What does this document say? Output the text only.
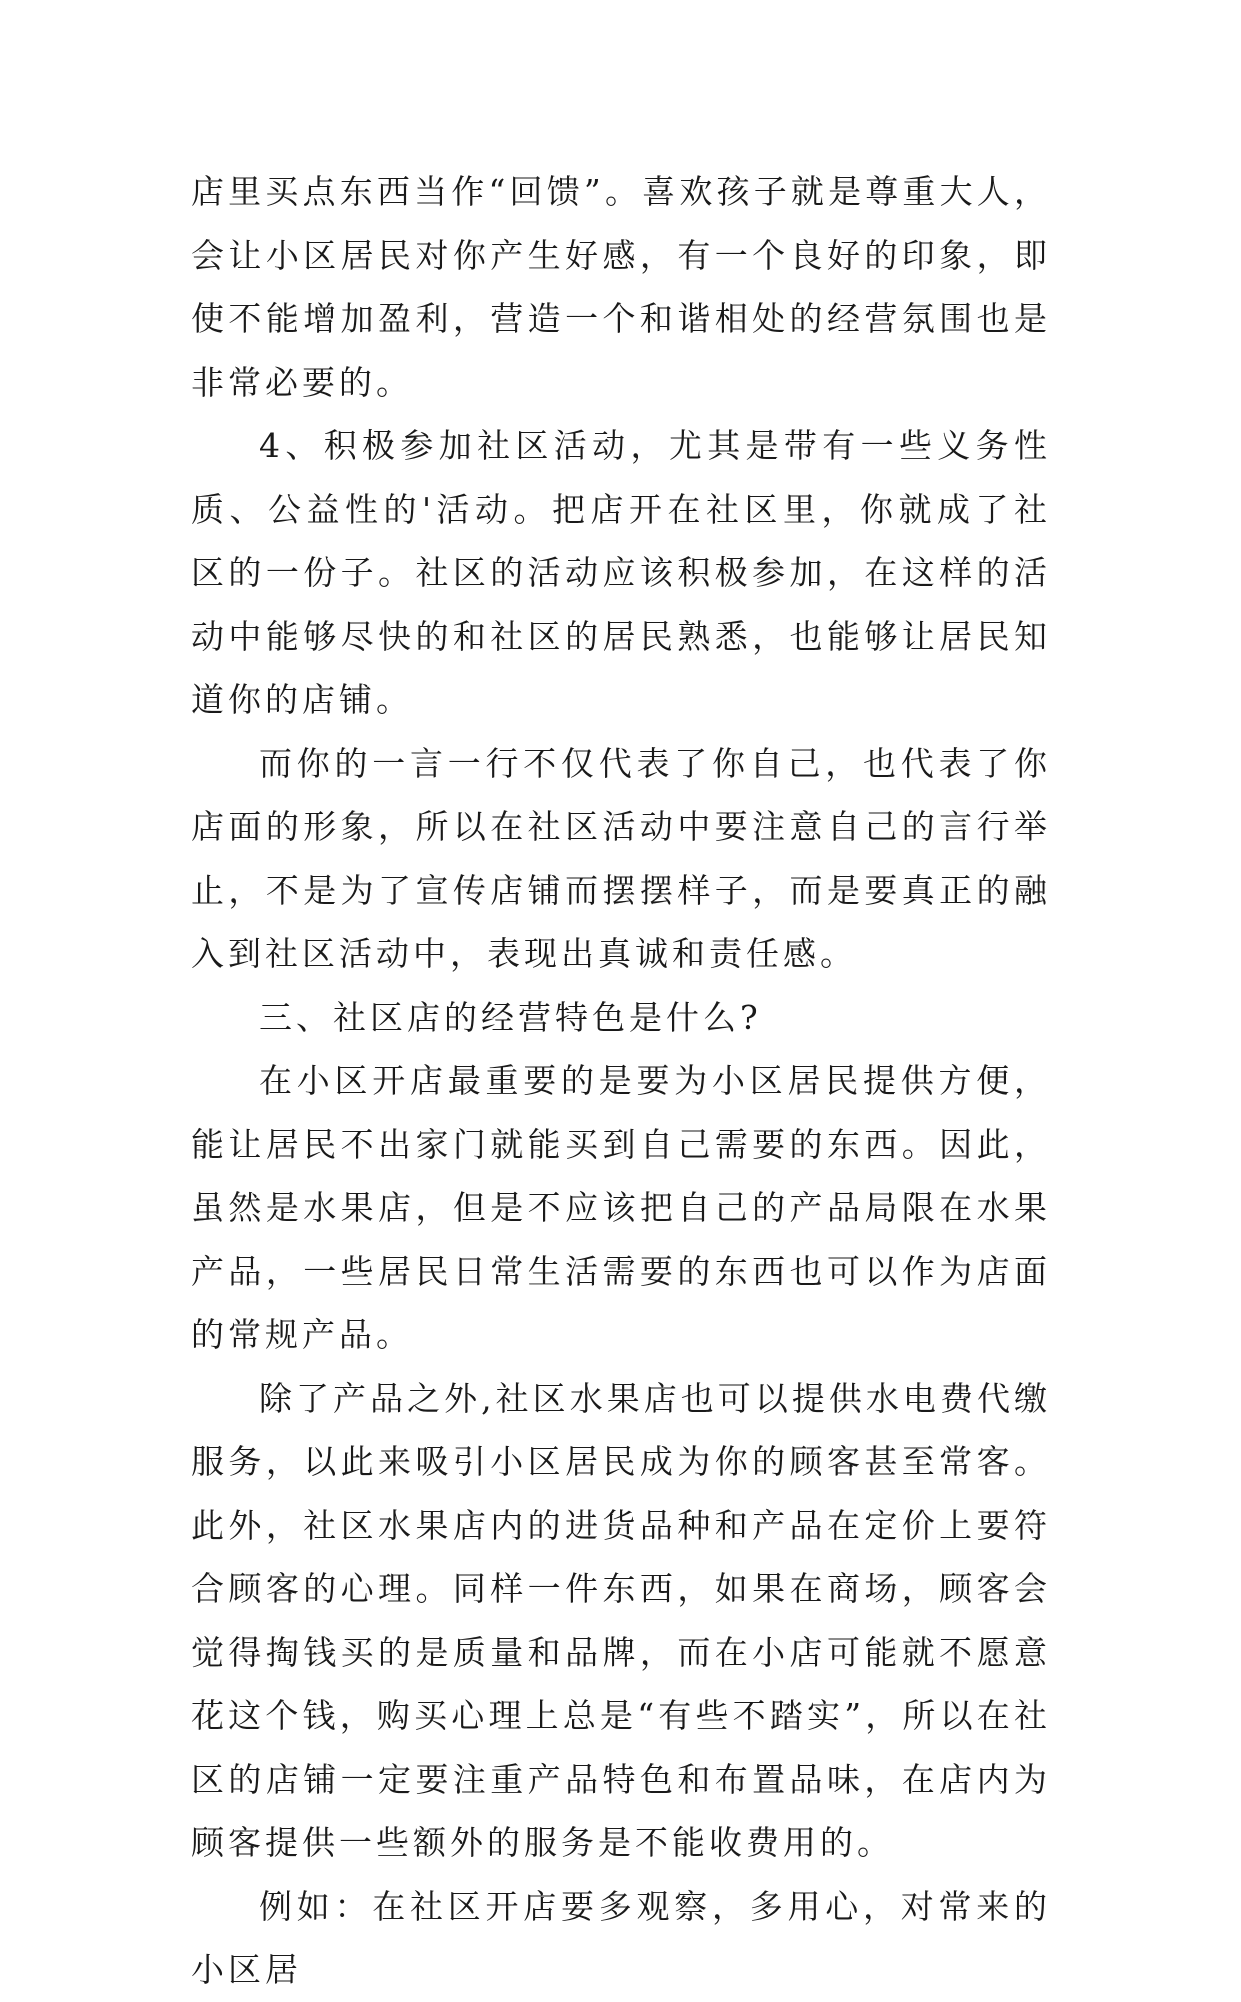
店里买点东西当作“回馈”。喜欢孩子就是尊重大人，会让小区居民对你产生好感，有一个良好的印象，即使不能增加盈利，营造一个和谐相处的经营氛围也是非常必要的。

4、积极参加社区活动，尤其是带有一些义务性质、公益性的'活动。把店开在社区里，你就成了社区的一份子。社区的活动应该积极参加，在这样的活动中能够尽快的和社区的居民熟悉，也能够让居民知道你的店铺。

而你的一言一行不仅代表了你自己，也代表了你店面的形象，所以在社区活动中要注意自己的言行举止，不是为了宣传店铺而摆摆样子，而是要真正的融入到社区活动中，表现出真诚和责任感。

三、社区店的经营特色是什么?

在小区开店最重要的是要为小区居民提供方便，能让居民不出家门就能买到自己需要的东西。因此，虽然是水果店，但是不应该把自己的产品局限在水果产品，一些居民日常生活需要的东西也可以作为店面的常规产品。

除了产品之外,社区水果店也可以提供水电费代缴服务，以此来吸引小区居民成为你的顾客甚至常客。此外，社区水果店内的进货品种和产品在定价上要符合顾客的心理。同样一件东西，如果在商场，顾客会觉得掏钱买的是质量和品牌，而在小店可能就不愿意花这个钱，购买心理上总是“有些不踏实”，所以在社区的店铺一定要注重产品特色和布置品味，在店内为顾客提供一些额外的服务是不能收费用的。

例如：在社区开店要多观察，多用心，对常来的小区居
